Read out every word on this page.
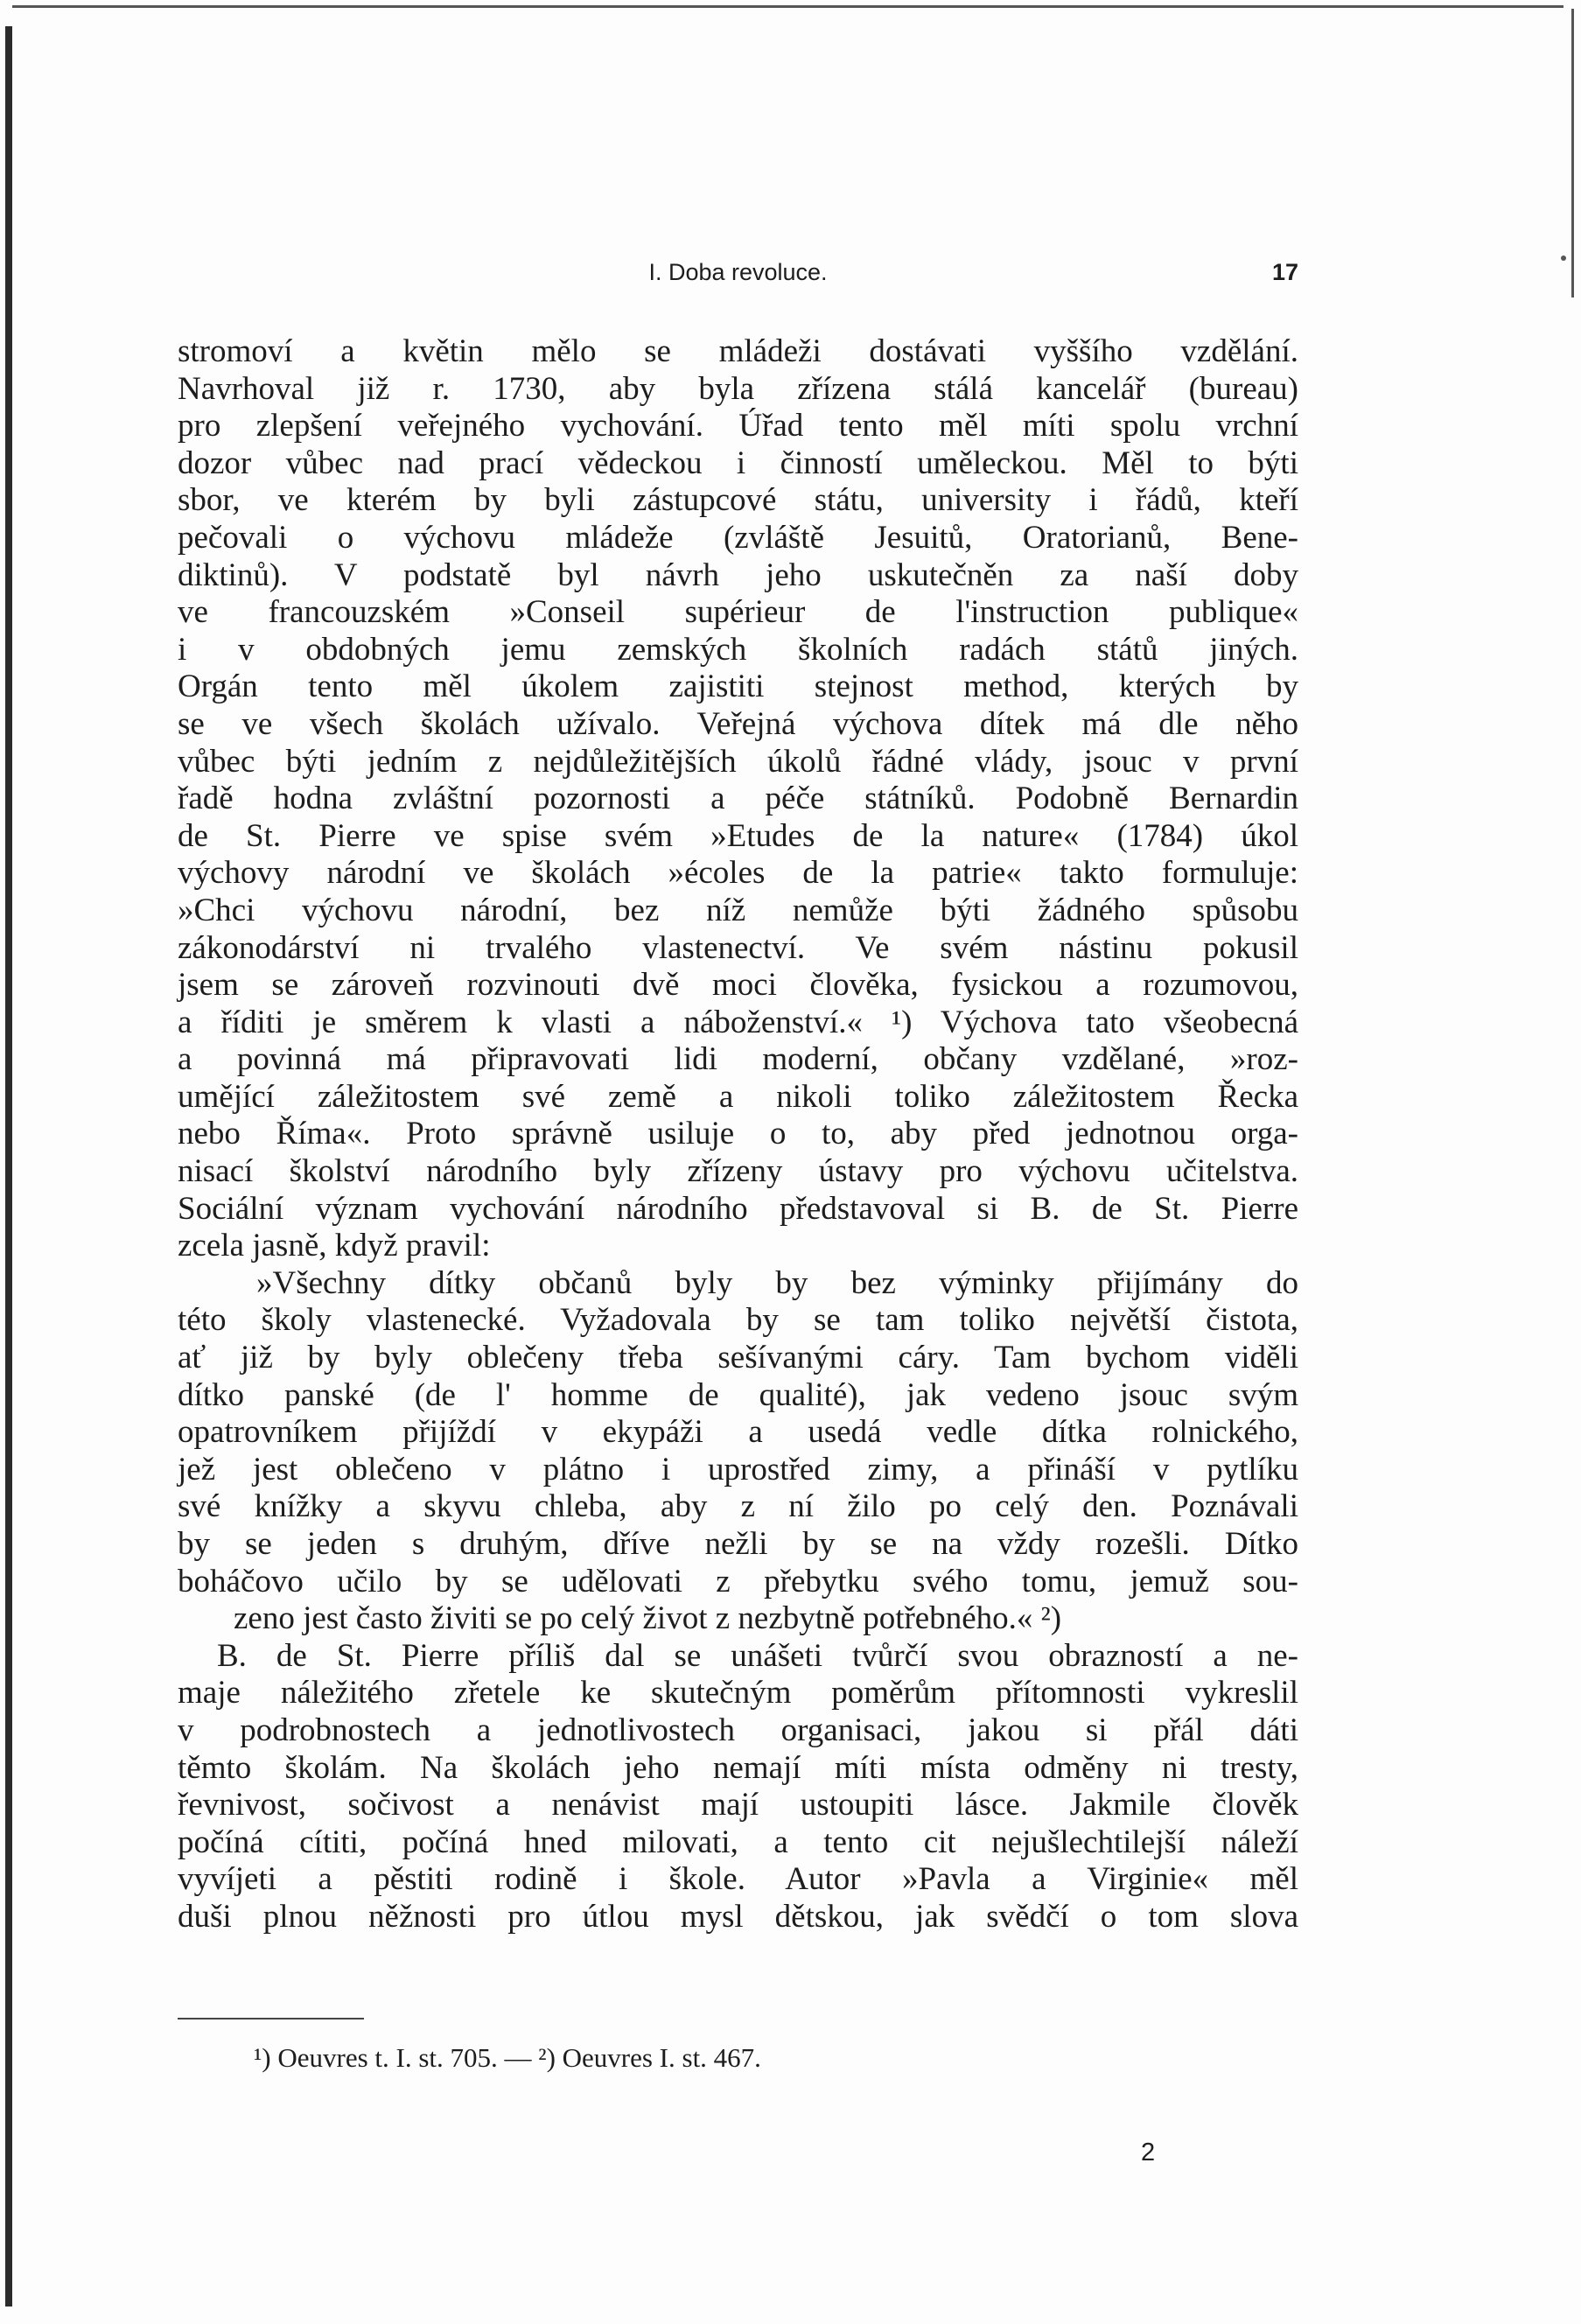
I. Doba revoluce.	17
stromoví a květin mělo se mládeži dostávati vyššího vzdělání.
Navrhoval již r. 1730, aby byla zřízena stálá kancelář (bureau)
pro zlepšení veřejného vychování. Úřad tento měl míti spolu vrchní
dozor vůbec nad prací vědeckou i činností uměleckou. Měl to býti
sbor, ve kterém by byli zástupcové státu, university i řádů, kteří
pečovali o výchovu mládeže (zvláště Jesuitů, Oratorianů, Bene-
diktinů). V podstatě byl návrh jeho uskutečněn za naší doby
ve francouzském »Conseil supérieur de l'instruction publique«
i v obdobných jemu zemských školních radách států jiných.
Orgán tento měl úkolem zajistiti stejnost method, kterých by
se ve všech školách užívalo. Veřejná výchova dítek má dle něho
vůbec býti jedním z nejdůležitějších úkolů řádné vlády, jsouc v první
řadě hodna zvláštní pozornosti a péče státníků. Podobně Bernardin
de St. Pierre ve spise svém »Etudes de la nature« (1784) úkol
výchovy národní ve školách »écoles de la patrie« takto formuluje:
»Chci výchovu národní, bez níž nemůže býti žádného spůsobu
zákonodárství ni trvalého vlastenectví. Ve svém nástinu pokusil
jsem se zároveň rozvinouti dvě moci člověka, fysickou a rozumovou,
a říditi je směrem k vlasti a náboženství.« ¹) Výchova tato všeobecná
a povinná má připravovati lidi moderní, občany vzdělané, »roz-
umějící záležitostem své země a nikoli toliko záležitostem Řecka
nebo Říma«. Proto správně usiluje o to, aby před jednotnou orga-
nisací školství národního byly zřízeny ústavy pro výchovu učitelstva.
Sociální význam vychování národního představoval si B. de St. Pierre
zcela jasně, když pravil:
»Všechny dítky občanů byly by bez výminky přijímány do
této školy vlastenecké. Vyžadovala by se tam toliko největší čistota,
ať již by byly oblečeny třeba sešívanými cáry. Tam bychom viděli
dítko panské (de l' homme de qualité), jak vedeno jsouc svým
opatrovníkem přijíždí v ekypáži a usedá vedle dítka rolnického,
jež jest oblečeno v plátno i uprostřed zimy, a přináší v pytlíku
své knížky a skyvu chleba, aby z ní žilo po celý den. Poznávali
by se jeden s druhým, dříve nežli by se na vždy rozešli. Dítko
boháčovo učilo by se udělovati z přebytku svého tomu, jemuž sou-
zeno jest často živiti se po celý život z nezbytně potřebného.« ²)
B. de St. Pierre příliš dal se unášeti tvůrčí svou obrazností a ne-
maje náležitého zřetele ke skutečným poměrům přítomnosti vykreslil
v podrobnostech a jednotlivostech organisaci, jakou si přál dáti
těmto školám. Na školách jeho nemají míti místa odměny ni tresty,
řevnivost, sočivost a nenávist mají ustoupiti lásce. Jakmile člověk
počíná cítiti, počíná hned milovati, a tento cit nejušlechtilejší náleží
vyvíjeti a pěstiti rodině i škole. Autor »Pavla a Virginie« měl
duši plnou něžnosti pro útlou mysl dětskou, jak svědčí o tom slova
¹) Oeuvres t. I. st. 705. — ²) Oeuvres I. st. 467.
2
